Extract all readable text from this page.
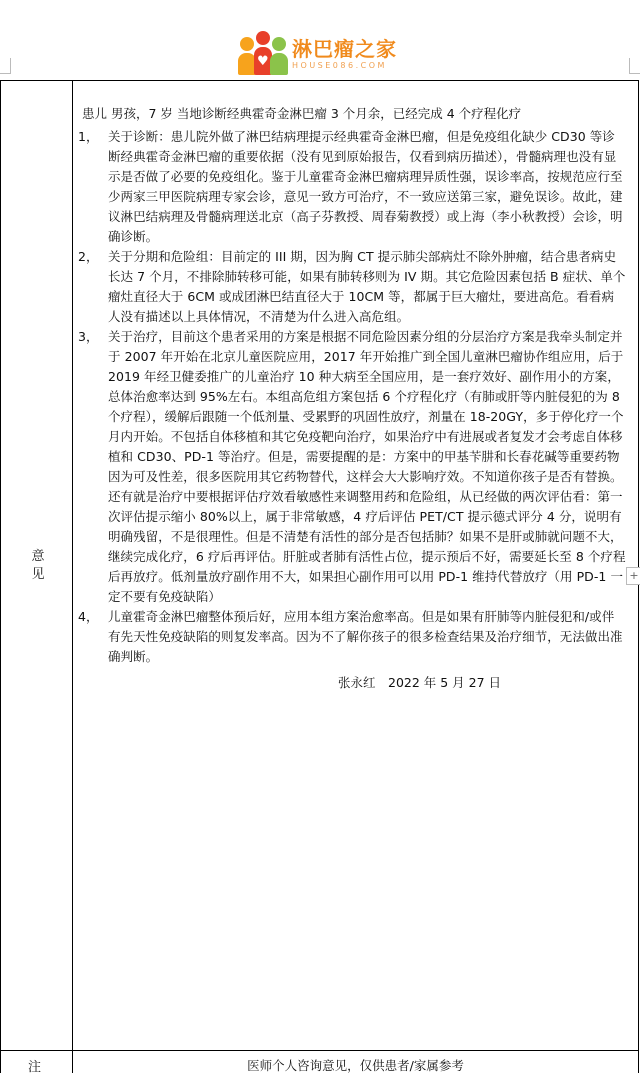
♥
淋巴瘤之家
HOUSE086.COM
意见
注	医师个人咨询意见，仅供患者/家属参考
患儿 男孩，7 岁 当地诊断经典霍奇金淋巴瘤 3 个月余，已经完成 4 个疗程化疗
1， 关于诊断：患儿院外做了淋巴结病理提示经典霍奇金淋巴瘤，但是免疫组化缺少 CD30 等诊断经典霍奇金淋巴瘤的重要依据（没有见到原始报告，仅看到病历描述），骨髓病理也没有显示是否做了必要的免疫组化。鉴于儿童霍奇金淋巴瘤病理异质性强，误诊率高，按规范应行至少两家三甲医院病理专家会诊，意见一致方可治疗，不一致应送第三家，避免误诊。故此，建议淋巴结病理及骨髓病理送北京（高子芬教授、周春菊教授）或上海（李小秋教授）会诊，明确诊断。
2， 关于分期和危险组：目前定的 III 期，因为胸 CT 提示肺尖部病灶不除外肿瘤，结合患者病史长达 7 个月，不排除肺转移可能，如果有肺转移则为 IV 期。其它危险因素包括 B 症状、单个瘤灶直径大于 6CM 或成团淋巴结直径大于 10CM 等，都属于巨大瘤灶，要进高危。看看病人没有描述以上具体情况，不清楚为什么进入高危组。
3， 关于治疗，目前这个患者采用的方案是根据不同危险因素分组的分层治疗方案是我牵头制定并于 2007 年开始在北京儿童医院应用，2017 年开始推广到全国儿童淋巴瘤协作组应用，后于 2019 年经卫健委推广的儿童治疗 10 种大病至全国应用，是一套疗效好、副作用小的方案，总体治愈率达到 95%左右。本组高危组方案包括 6 个疗程化疗（有肺或肝等内脏侵犯的为 8 个疗程），缓解后跟随一个低剂量、受累野的巩固性放疗，剂量在 18-20GY，多于停化疗一个月内开始。不包括自体移植和其它免疫靶向治疗，如果治疗中有进展或者复发才会考虑自体移植和 CD30、PD-1 等治疗。但是，需要提醒的是：方案中的甲基苄肼和长春花碱等重要药物因为可及性差，很多医院用其它药物替代，这样会大大影响疗效。不知道你孩子是否有替换。还有就是治疗中要根据评估疗效看敏感性来调整用药和危险组，从已经做的两次评估看：第一次评估提示缩小 80%以上，属于非常敏感，4 疗后评估 PET/CT 提示德式评分 4 分，说明有明确残留，不是很理性。但是不清楚有活性的部分是否包括肺？如果不是肝或肺就问题不大，继续完成化疗，6 疗后再评估。肝脏或者肺有活性占位，提示预后不好，需要延长至 8 个疗程后再放疗。低剂量放疗副作用不大，如果担心副作用可以用 PD-1 维持代替放疗（用 PD-1 一定不要有免疫缺陷）
4， 儿童霍奇金淋巴瘤整体预后好，应用本组方案治愈率高。但是如果有肝肺等内脏侵犯和/或伴有先天性免疫缺陷的则复发率高。因为不了解你孩子的很多检查结果及治疗细节，无法做出准确判断。
张永红　2022 年 5 月 27 日
+
